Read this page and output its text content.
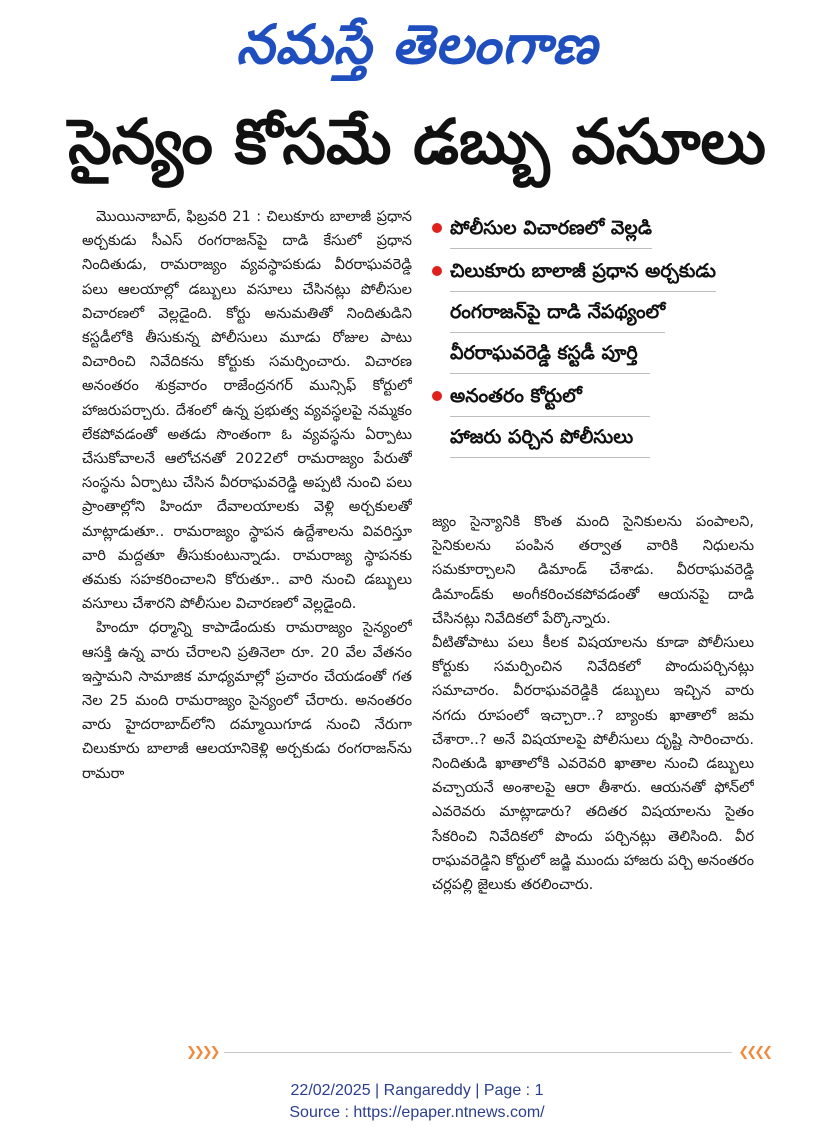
నమస్తే తెలంగాణ
సైన్యం కోసమే డబ్బు వసూలు

మొయినాబాద్, ఫిబ్రవరి 21 : చిలుకూరు బాలాజీ ప్రధాన అర్చకుడు సీఎస్ రంగరాజన్‌పై దాడి కేసులో ప్రధాన నిందితుడు, రామరాజ్యం వ్యవస్థాపకుడు వీరరాఘవరెడ్డి పలు ఆలయాల్లో డబ్బులు వసూలు చేసినట్లు పోలీసుల విచారణలో వెల్లడైంది. కోర్టు అనుమతితో నిందితుడిని కస్టడీలోకి తీసుకున్న పోలీసులు మూడు రోజుల పాటు విచారించి నివేదికను కోర్టుకు సమర్పించారు. విచారణ అనంతరం శుక్రవారం రాజేంద్రనగర్ మున్సిఫ్ కోర్టులో హాజరుపర్చారు. దేశంలో ఉన్న ప్రభుత్వ వ్యవస్థలపై నమ్మకం లేకపోవడంతో అతడు సొంతంగా ఓ వ్యవస్థను ఏర్పాటు చేసుకోవాలనే ఆలోచనతో 2022లో రామరాజ్యం పేరుతో సంస్థను ఏర్పాటు చేసిన వీరరాఘవరెడ్డి అప్పటి నుంచి పలు ప్రాంతాల్లోని హిందూ దేవాలయాలకు వెళ్లి అర్చకులతో మాట్లాడుతూ.. రామరాజ్యం స్థాపన ఉద్దేశాలను వివరిస్తూ వారి మద్దతూ తీసుకుంటున్నాడు. రామరాజ్య స్థాపనకు తమకు సహకరించాలని కోరుతూ.. వారి నుంచి డబ్బులు వసూలు చేశారని పోలీసుల విచారణలో వెల్లడైంది.

హిందూ ధర్మాన్ని కాపాడేందుకు రామరాజ్యం సైన్యంలో ఆసక్తి ఉన్న వారు చేరాలని ప్రతినెలా రూ. 20 వేల వేతనం ఇస్తామని సామాజిక మాధ్యమాల్లో ప్రచారం చేయడంతో గత నెల 25 మంది రామరాజ్యం సైన్యంలో చేరారు. అనంతరం వారు హైదరాబాద్‌లోని దమ్మాయిగూడ నుంచి నేరుగా చిలుకూరు బాలాజీ ఆలయానికెళ్లి అర్చకుడు రంగరాజన్‌ను రామరా

పోలీసుల విచారణలో వెల్లడి
చిలుకూరు బాలాజీ ప్రధాన అర్చకుడు
రంగరాజన్‌పై దాడి నేపథ్యంలో
వీరరాఘవరెడ్డి కస్టడీ పూర్తి
అనంతరం కోర్టులో
హాజరు పర్చిన పోలీసులు

జ్యం సైన్యానికి కొంత మంది సైనికులను పంపాలని, సైనికులను పంపిన తర్వాత వారికి నిధులను సమకూర్చాలని డిమాండ్ చేశాడు. వీరరాఘవరెడ్డి డిమాండ్‌కు అంగీకరించకపోవడంతో ఆయనపై దాడి చేసినట్లు నివేదికలో పేర్కొన్నారు.

వీటితోపాటు పలు కీలక విషయాలను కూడా పోలీసులు కోర్టుకు సమర్పించిన నివేదికలో పొందుపర్చినట్లు సమాచారం. వీరరాఘవరెడ్డికి డబ్బులు ఇచ్చిన వారు నగదు రూపంలో ఇచ్చారా..? బ్యాంకు ఖాతాలో జమ చేశారా..? అనే విషయాలపై పోలీసులు దృష్టి సారించారు. నిందితుడి ఖాతాలోకి ఎవరెవరి ఖాతాల నుంచి డబ్బులు వచ్చాయనే అంశాలపై ఆరా తీశారు. ఆయనతో ఫోన్‌లో ఎవరెవరు మాట్లాడారు? తదితర విషయాలను సైతం సేకరించి నివేదికలో పొందు పర్చినట్లు తెలిసింది. వీర రాఘవరెడ్డిని కోర్టులో జడ్జి ముందు హాజరు పర్చి అనంతరం చర్లపల్లి జైలుకు తరలించారు.

❯❯❯❯	❮❮❮❮
22/02/2025 | Rangareddy | Page : 1
Source : https://epaper.ntnews.com/
